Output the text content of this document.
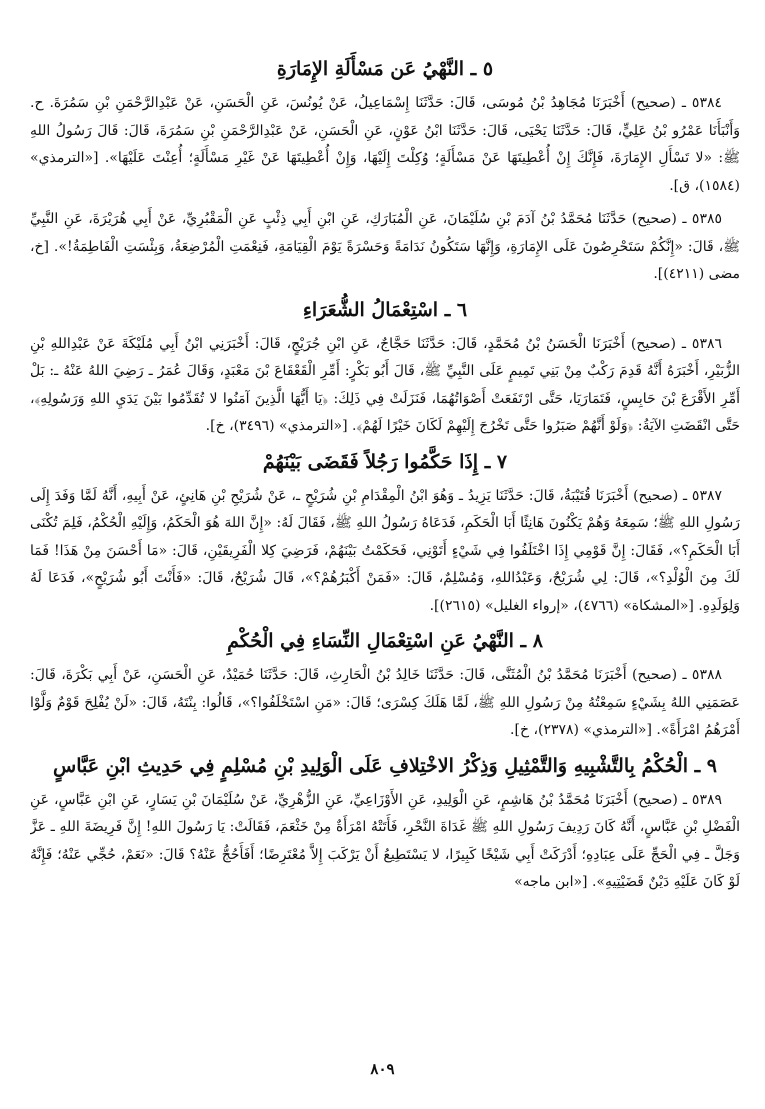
٥ ـ النَّهْيُ عَن مَسْأَلَةِ الإِمَارَةِ

٥٣٨٤ ـ (صحيح) أَخْبَرَنَا مُجَاهِدُ بْنُ مُوسَى، قَالَ: حَدَّثَنَا إِسْمَاعِيلُ، عَنْ يُونُسَ، عَنِ الْحَسَنِ، عَنْ عَبْدِالرَّحْمَنِ بْنِ سَمُرَةَ. ح. وَأَنْبَأَنَا عَمْرُو بْنُ عَلِيٍّ، قَالَ: حَدَّثَنَا يَحْيَى، قَالَ: حَدَّثَنَا ابْنُ عَوْنٍ، عَنِ الْحَسَنِ، عَنْ عَبْدِالرَّحْمَنِ بْنِ سَمُرَةَ، قَالَ: قَالَ رَسُولُ اللهِ ﷺ: «لا تَسْأَلِ الإِمَارَةَ، فَإِنَّكَ إِنْ أُعْطِيتَهَا عَنْ مَسْأَلَةٍ؛ وُكِلْتَ إِلَيْهَا، وَإِنْ أُعْطِيتَهَا عَنْ غَيْرِ مَسْأَلَةٍ؛ أُعِنْتَ عَلَيْهَا». [«الترمذي» (١٥٨٤)، ق].

٥٣٨٥ ـ (صحيح) حَدَّثَنَا مُحَمَّدُ بْنُ آدَمَ بْنِ سُلَيْمَانَ، عَنِ الْمُبَارَكِ، عَنِ ابْنِ أَبِي ذِئْبٍ عَنِ الْمَقْبُرِيِّ، عَنْ أَبِي هُرَيْرَةَ، عَنِ النَّبِيِّ ﷺ، قَالَ: «إِنَّكُمْ سَتَحْرِصُونَ عَلَى الإِمَارَةِ، وَإِنَّهَا سَتَكُونُ نَدَامَةً وَحَسْرَةً يَوْمَ الْقِيَامَةِ، فَنِعْمَتِ الْمُرْضِعَةُ، وَبِئْسَتِ الْفَاطِمَةُ!». [خ، مضى (٤٢١١)].

٦ ـ اسْتِعْمَالُ الشُّعَرَاءِ

٥٣٨٦ ـ (صحيح) أَخْبَرَنَا الْحَسَنُ بْنُ مُحَمَّدٍ، قَالَ: حَدَّثَنَا حَجَّاجٌ، عَنِ ابْنِ جُرَيْجٍ، قَالَ: أَخْبَرَنِي ابْنُ أَبِي مُلَيْكَةَ عَنْ عَبْدِاللهِ بْنِ الزُّبَيْرِ، أَخْبَرَهُ أَنَّهُ قَدِمَ رَكْبٌ مِنْ بَنِي تَمِيمٍ عَلَى النَّبِيِّ ﷺ، قَالَ أَبُو بَكْرٍ: أَمِّرِ الْقَعْقَاعَ بْنَ مَعْبَدٍ، وَقَالَ عُمَرُ ـ رَضِيَ اللهُ عَنْهُ ـ: بَلْ أَمِّرِ الأَقْرَعَ بْنَ حَابِسٍ، فَتَمَارَيَا، حَتَّى ارْتَفَعَتْ أَصْوَاتُهُمَا، فَنَزَلَتْ فِي ذَلِكَ: ﴿يَا أَيُّهَا الَّذِينَ آمَنُوا لا تُقَدِّمُوا بَيْنَ يَدَيِ اللهِ وَرَسُولِهِ﴾، حَتَّى انْقَضَتِ الآيَةُ: ﴿وَلَوْ أَنَّهُمْ صَبَرُوا حَتَّى تَخْرُجَ إِلَيْهِمْ لَكَانَ خَيْرًا لَهُمْ﴾. [«الترمذي» (٣٤٩٦)، خ].

٧ ـ إِذَا حَكَّمُوا رَجُلاً فَقَضَى بَيْنَهُمْ

٥٣٨٧ ـ (صحيح) أَخْبَرَنَا قُتَيْبَةُ، قَالَ: حَدَّثَنَا يَزِيدُ ـ وَهُوَ ابْنُ الْمِقْدَامِ بْنِ شُرَيْحٍ ـ، عَنْ شُرَيْحِ بْنِ هَانِئٍ، عَنْ أَبِيهِ، أَنَّهُ لَمَّا وَفَدَ إِلَى رَسُولِ اللهِ ﷺ؛ سَمِعَهُ وَهُمْ يَكْنُونَ هَانِئًا أَبَا الْحَكَمِ، فَدَعَاهُ رَسُولُ اللهِ ﷺ، فَقَالَ لَهُ: «إِنَّ اللهَ هُوَ الْحَكَمُ، وَإِلَيْهِ الْحُكْمُ، فَلِمَ تُكْنَى أَبَا الْحَكَمِ؟»، فَقَالَ: إِنَّ قَوْمِي إِذَا اخْتَلَفُوا فِي شَيْءٍ أَتَوْنِي، فَحَكَمْتُ بَيْنَهُمْ، فَرَضِيَ كِلا الْفَرِيقَيْنِ، قَالَ: «مَا أَحْسَنَ مِنْ هَذَا! فَمَا لَكَ مِنَ الْوُلْدِ؟»، قَالَ: لِي شُرَيْحٌ، وَعَبْدُاللهِ، وَمُسْلِمٌ، قَالَ: «فَمَنْ أَكْبَرُهُمْ؟»، قَالَ شُرَيْحٌ، قَالَ: «فَأَنْتَ أَبُو شُرَيْحٍ»، فَدَعَا لَهُ وَلِوَلَدِهِ. [«المشكاة» (٤٧٦٦)، «إرواء الغليل» (٢٦١٥)].

٨ ـ النَّهْيُ عَنِ اسْتِعْمَالِ النِّسَاءِ فِي الْحُكْمِ

٥٣٨٨ ـ (صحيح) أَخْبَرَنَا مُحَمَّدُ بْنُ الْمُثَنَّى، قَالَ: حَدَّثَنَا خَالِدُ بْنُ الْحَارِثِ، قَالَ: حَدَّثَنَا حُمَيْدٌ، عَنِ الْحَسَنِ، عَنْ أَبِي بَكْرَةَ، قَالَ: عَصَمَنِي اللهُ بِشَيْءٍ سَمِعْتُهُ مِنْ رَسُولِ اللهِ ﷺ، لَمَّا هَلَكَ كِسْرَى؛ قَالَ: «مَنِ اسْتَخْلَفُوا؟»، قَالُوا: بِنْتَهُ، قَالَ: «لَنْ يُفْلِحَ قَوْمٌ وَلَّوْا أَمْرَهُمُ امْرَأَةً». [«الترمذي» (٢٣٧٨)، خ].

٩ ـ الْحُكْمُ بِالتَّشْبِيهِ وَالتَّمْثِيلِ وَذِكْرُ الاخْتِلافِ عَلَى الْوَلِيدِ بْنِ مُسْلِمٍ فِي حَدِيثِ ابْنِ عَبَّاسٍ

٥٣٨٩ ـ (صحيح) أَخْبَرَنَا مُحَمَّدُ بْنُ هَاشِمٍ، عَنِ الْوَلِيدِ، عَنِ الأَوْزَاعِيِّ، عَنِ الزُّهْرِيِّ، عَنْ سُلَيْمَانَ بْنِ يَسَارٍ، عَنِ ابْنِ عَبَّاسٍ، عَنِ الْفَضْلِ بْنِ عَبَّاسٍ، أَنَّهُ كَانَ رَدِيفَ رَسُولِ اللهِ ﷺ غَدَاةَ النَّحْرِ، فَأَتَتْهُ امْرَأَةٌ مِنْ خَثْعَمَ، فَقَالَتْ: يَا رَسُولَ اللهِ! إِنَّ فَرِيضَةَ اللهِ ـ عَزَّ وَجَلَّ ـ فِي الْحَجِّ عَلَى عِبَادِهِ؛ أَدْرَكَتْ أَبِي شَيْخًا كَبِيرًا، لا يَسْتَطِيعُ أَنْ يَرْكَبَ إِلاَّ مُعْتَرِضًا؛ أَفَأَحُجُّ عَنْهُ؟ قَالَ: «نَعَمْ، حُجِّي عَنْهُ؛ فَإِنَّهُ لَوْ كَانَ عَلَيْهِ دَيْنٌ قَضَيْتِيهِ». [«ابن ماجه»

٨٠٩
